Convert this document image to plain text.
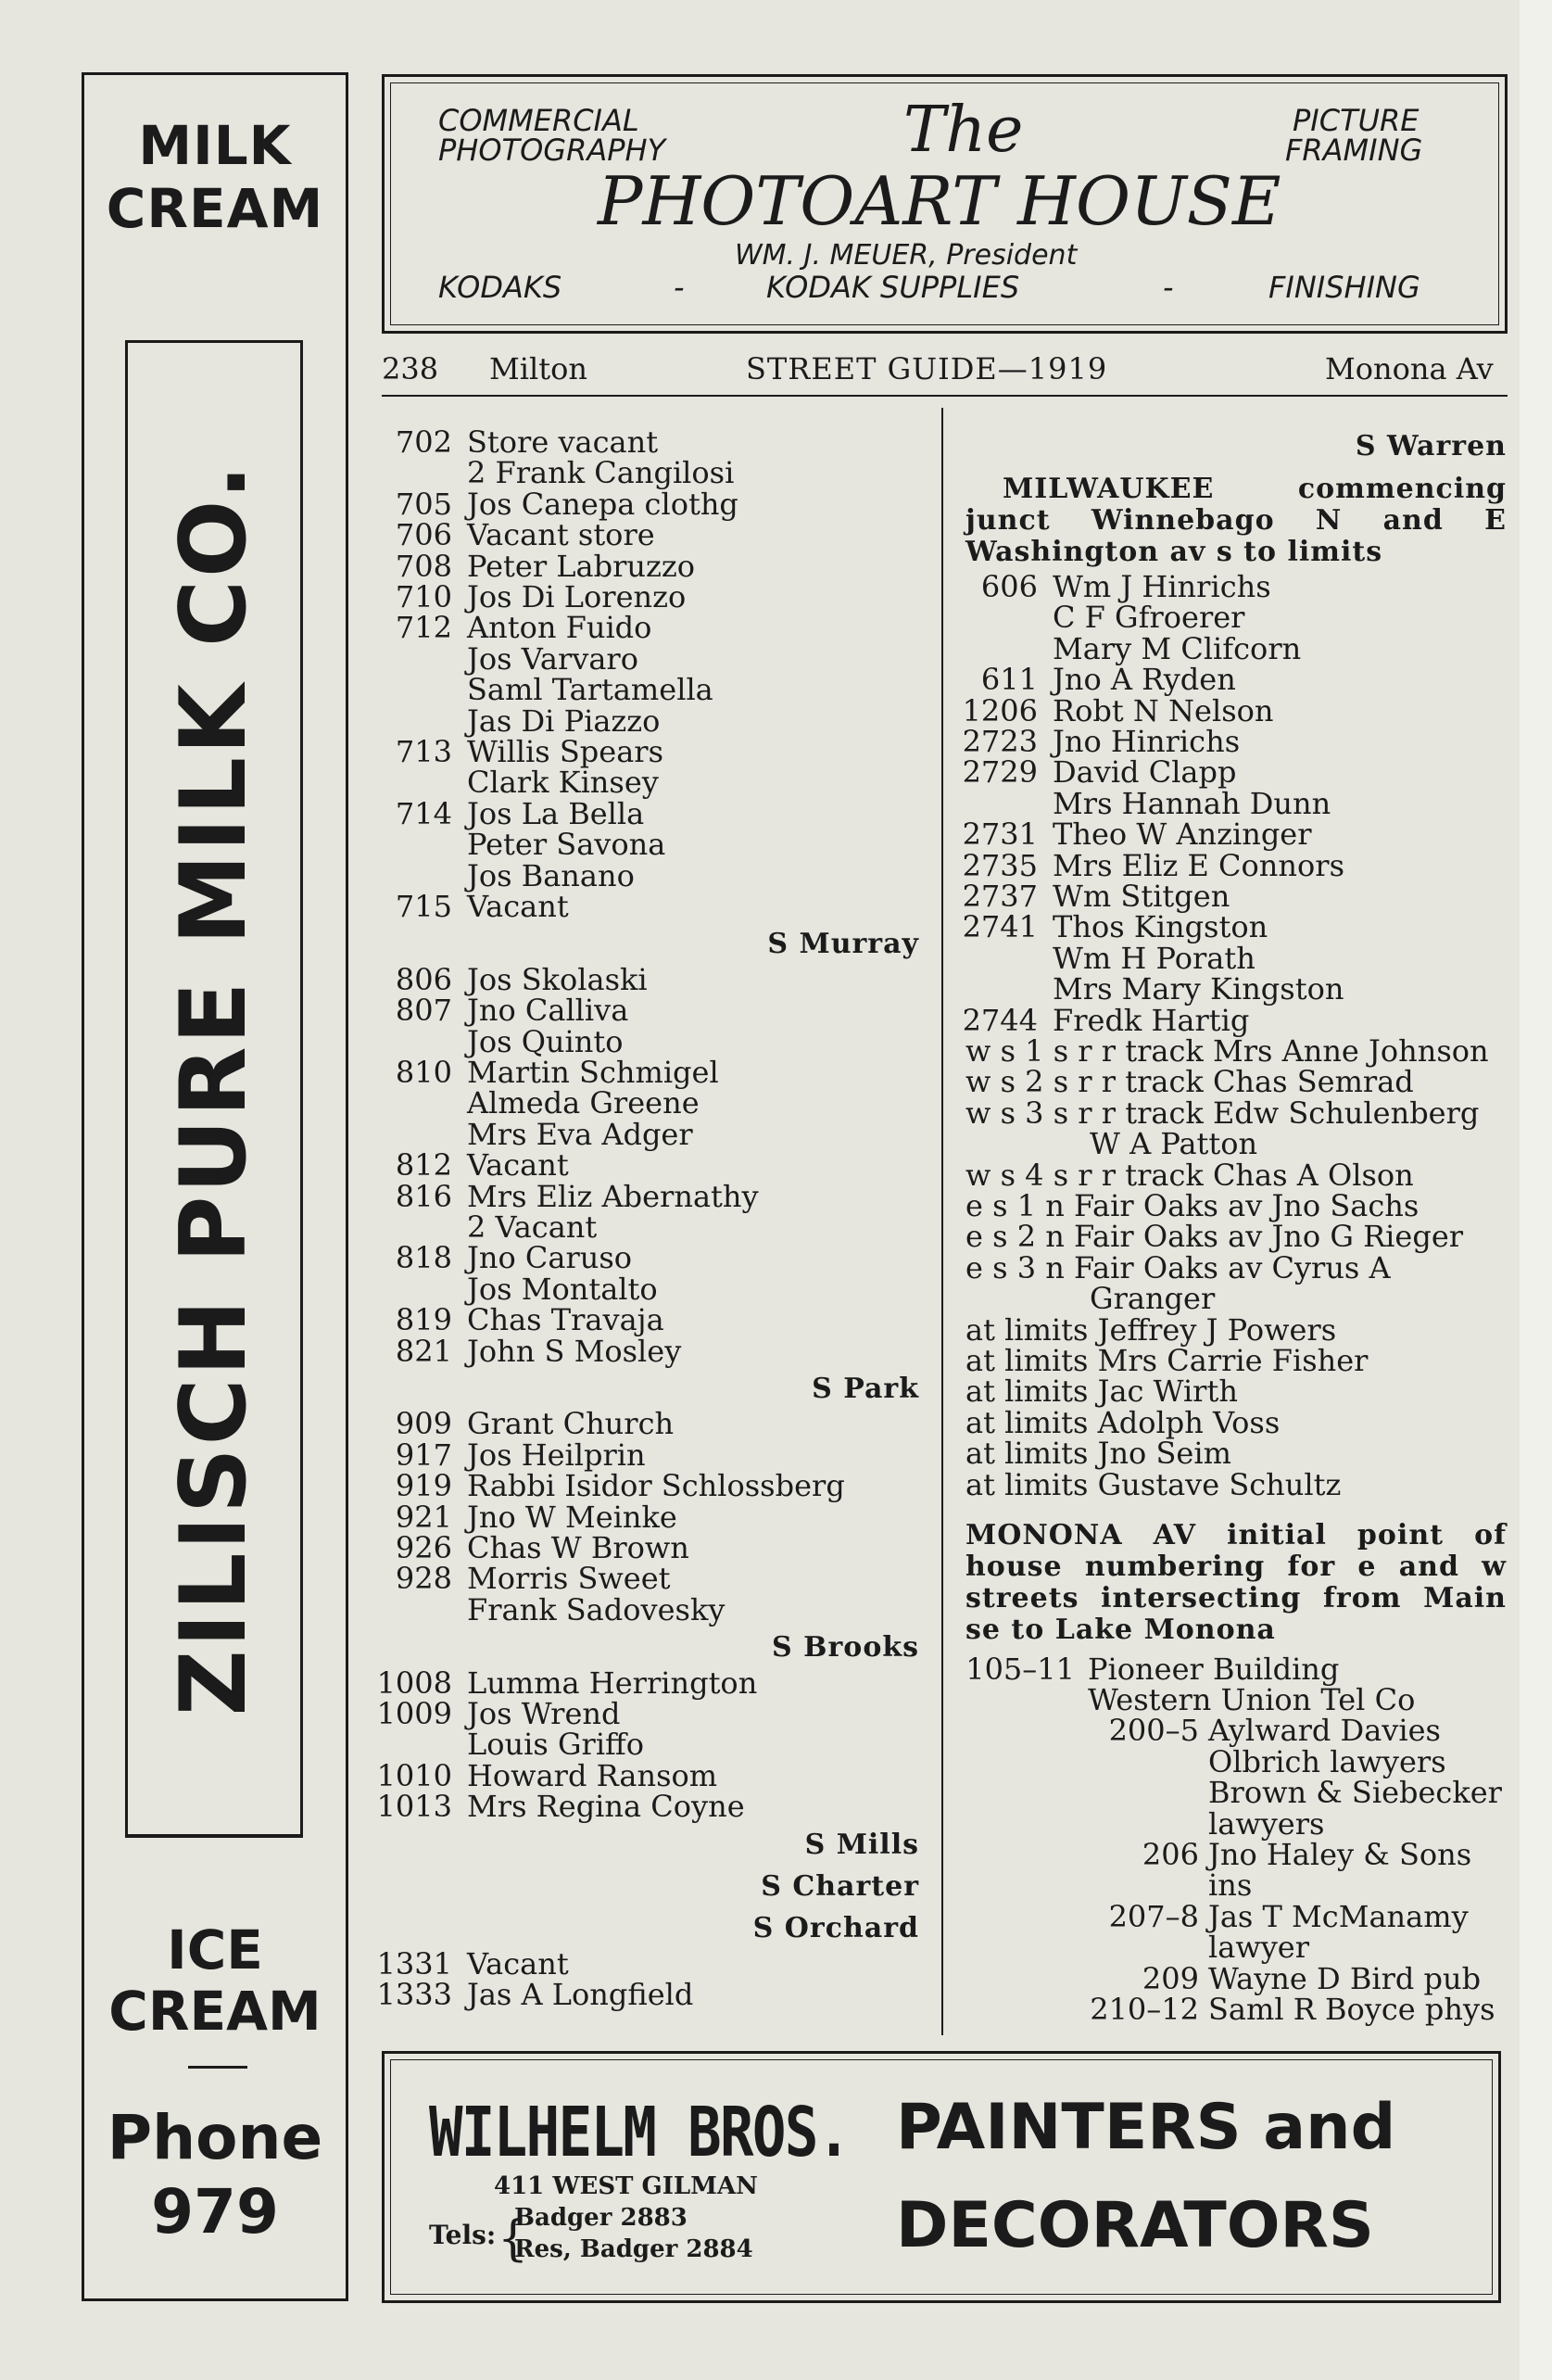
MILK
CREAM
ZILISCH PURE MILK CO.
ICE
CREAM
Phone
979
COMMERCIAL
PHOTOGRAPHY	The	PICTURE
FRAMING
PHOTOART HOUSE
WM. J. MEUER, President
KODAKS	-	KODAK SUPPLIES	-	FINISHING
238 Milton	STREET GUIDE—1919	Monona Av
702 Store vacant
2 Frank Cangilosi
705 Jos Canepa clothg
706 Vacant store
708 Peter Labruzzo
710 Jos Di Lorenzo
712 Anton Fuido
Jos Varvaro
Saml Tartamella
Jas Di Piazzo
713 Willis Spears
Clark Kinsey
714 Jos La Bella
Peter Savona
Jos Banano
715 Vacant
S Murray
806 Jos Skolaski
807 Jno Calliva
Jos Quinto
810 Martin Schmigel
Almeda Greene
Mrs Eva Adger
812 Vacant
816 Mrs Eliz Abernathy
2 Vacant
818 Jno Caruso
Jos Montalto
819 Chas Travaja
821 John S Mosley
S Park
909 Grant Church
917 Jos Heilprin
919 Rabbi Isidor Schlossberg
921 Jno W Meinke
926 Chas W Brown
928 Morris Sweet
Frank Sadovesky
S Brooks
1008 Lumma Herrington
1009 Jos Wrend
Louis Griffo
1010 Howard Ransom
1013 Mrs Regina Coyne
S Mills
S Charter
S Orchard
1331 Vacant
1333 Jas A Longfield
S Warren
MILWAUKEE commencing junct Winnebago N and E Washington av s to limits
606 Wm J Hinrichs
C F Gfroerer
Mary M Clifcorn
611 Jno A Ryden
1206 Robt N Nelson
2723 Jno Hinrichs
2729 David Clapp
Mrs Hannah Dunn
2731 Theo W Anzinger
2735 Mrs Eliz E Connors
2737 Wm Stitgen
2741 Thos Kingston
Wm H Porath
Mrs Mary Kingston
2744 Fredk Hartig
w s 1 s r r track Mrs Anne Johnson
w s 2 s r r track Chas Semrad
w s 3 s r r track Edw Schulenberg
W A Patton
w s 4 s r r track Chas A Olson
e s 1 n Fair Oaks av Jno Sachs
e s 2 n Fair Oaks av Jno G Rieger
e s 3 n Fair Oaks av Cyrus A
Granger
at limits Jeffrey J Powers
at limits Mrs Carrie Fisher
at limits Jac Wirth
at limits Adolph Voss
at limits Jno Seim
at limits Gustave Schultz
MONONA AV initial point of house numbering for e and w streets intersecting from Main se to Lake Monona
105–11 Pioneer Building
Western Union Tel Co
200–5 Aylward Davies
Olbrich lawyers
Brown & Siebecker
lawyers
206 Jno Haley & Sons
ins
207–8 Jas T McManamy
lawyer
209 Wayne D Bird pub
210–12 Saml R Boyce phys
WILHELM BROS.
411 WEST GILMAN
Tels: {
Badger 2883
Res, Badger 2884
PAINTERS and
DECORATORS
